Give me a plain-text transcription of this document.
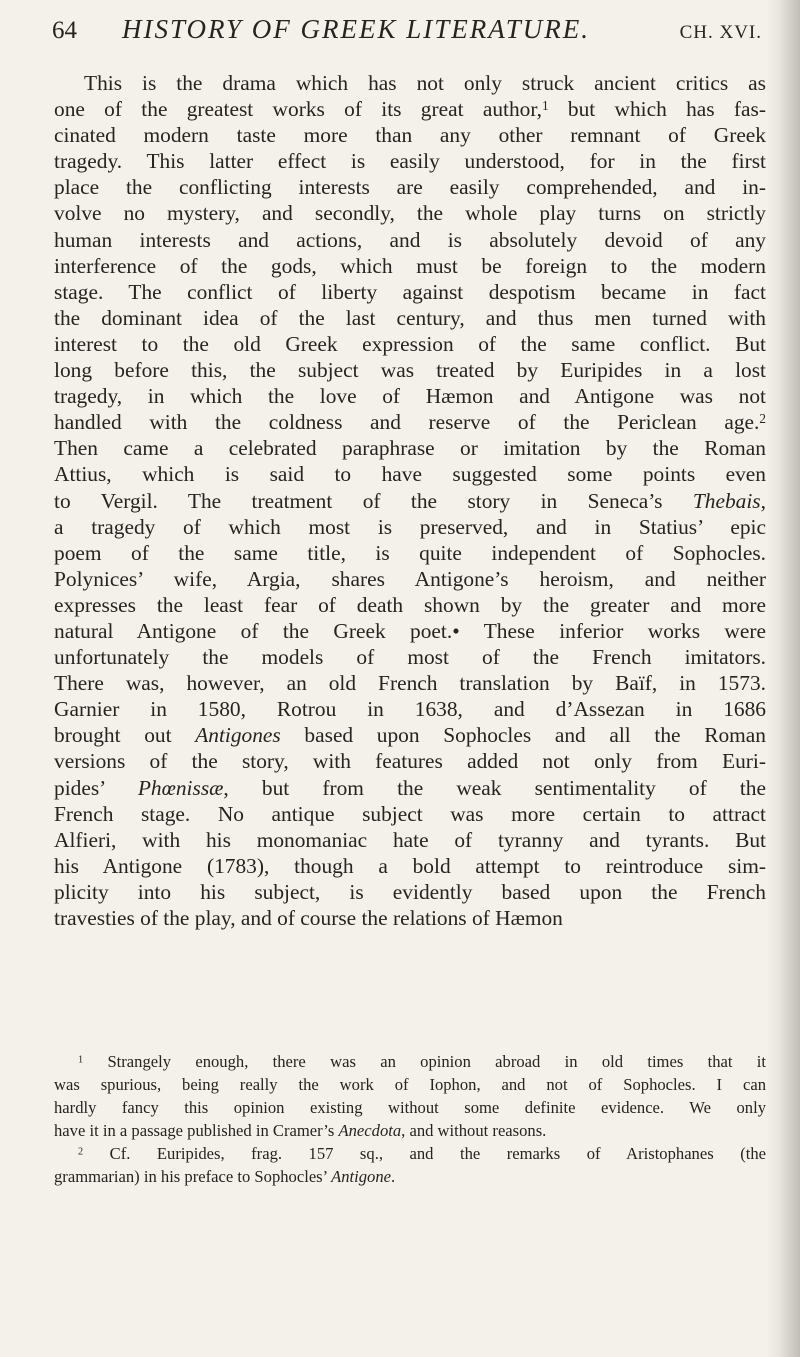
64	HISTORY OF GREEK LITERATURE.	CH. XVI.
This is the drama which has not only struck ancient critics as
one of the greatest works of its great author,$^1$ but which has fas-
cinated modern taste more than any other remnant of Greek
tragedy. This latter effect is easily understood, for in the first
place the conflicting interests are easily comprehended, and in-
volve no mystery, and secondly, the whole play turns on strictly
human interests and actions, and is absolutely devoid of any
interference of the gods, which must be foreign to the modern
stage. The conflict of liberty against despotism became in fact
the dominant idea of the last century, and thus men turned with
interest to the old Greek expression of the same conflict. But
long before this, the subject was treated by Euripides in a lost
tragedy, in which the love of Hæmon and Antigone was not
handled with the coldness and reserve of the Periclean age.$^2$
Then came a celebrated paraphrase or imitation by the Roman
Attius, which is said to have suggested some points even
to Vergil. The treatment of the story in Seneca’s Thebais,
a tragedy of which most is preserved, and in Statius’ epic
poem of the same title, is quite independent of Sophocles.
Polynices’ wife, Argia, shares Antigone’s heroism, and neither
expresses the least fear of death shown by the greater and more
natural Antigone of the Greek poet.• These inferior works were
unfortunately the models of most of the French imitators.
There was, however, an old French translation by Baïf, in 1573.
Garnier in 1580, Rotrou in 1638, and d’Assezan in 1686
brought out Antigones based upon Sophocles and all the Roman
versions of the story, with features added not only from Euri-
pides’ Phœnissæ, but from the weak sentimentality of the
French stage. No antique subject was more certain to attract
Alfieri, with his monomaniac hate of tyranny and tyrants. But
his Antigone (1783), though a bold attempt to reintroduce sim-
plicity into his subject, is evidently based upon the French
travesties of the play, and of course the relations of Hæmon
$^1$ Strangely enough, there was an opinion abroad in old times that it
was spurious, being really the work of Iophon, and not of Sophocles. I can
hardly fancy this opinion existing without some definite evidence. We only
have it in a passage published in Cramer’s Anecdota, and without reasons.
$^2$ Cf. Euripides, frag. 157 sq., and the remarks of Aristophanes (the
grammarian) in his preface to Sophocles’ Antigone.
